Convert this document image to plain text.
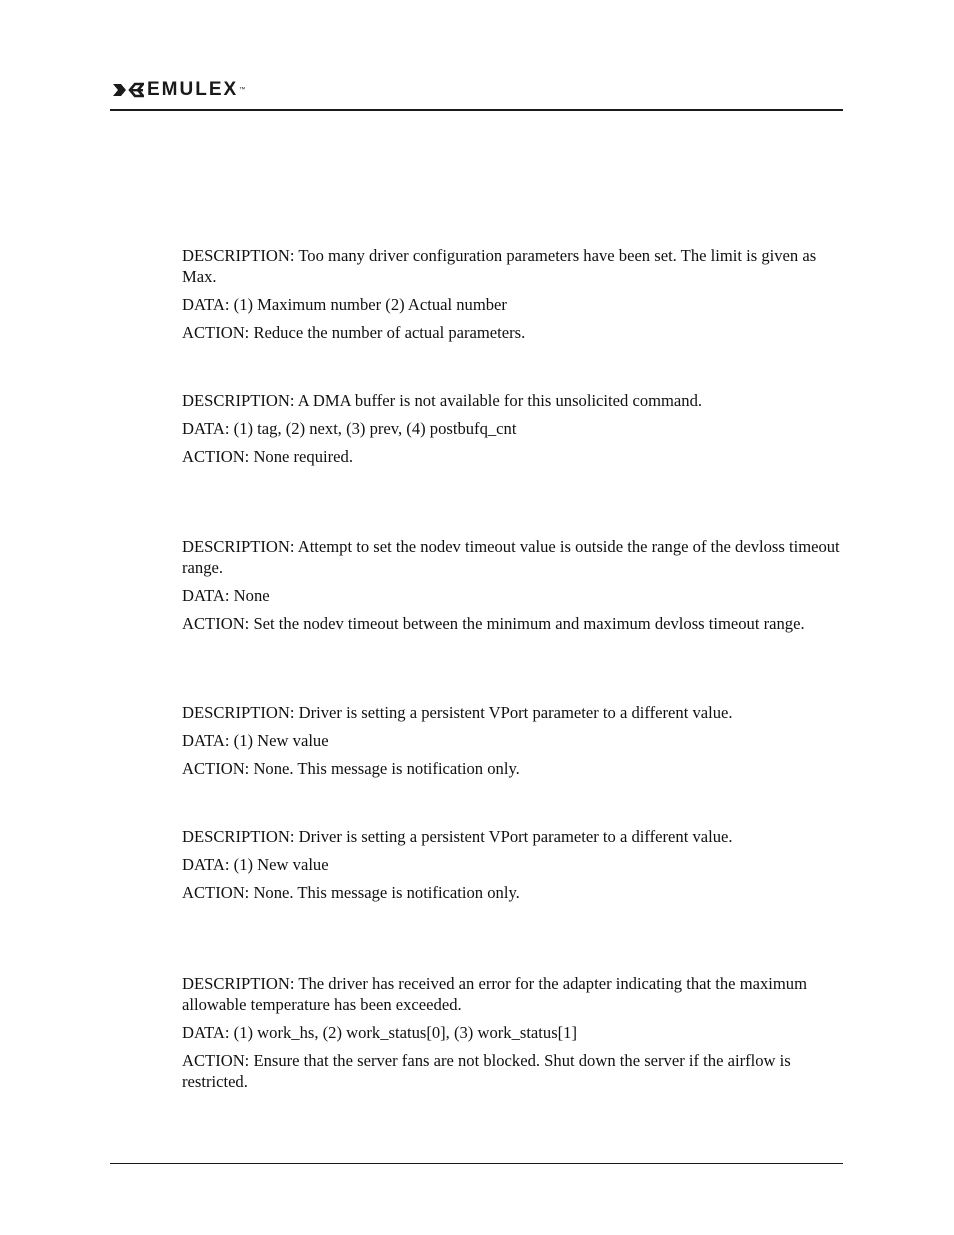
EMULEX ™

DESCRIPTION: Too many driver configuration parameters have been set. The limit is given as Max.

DATA: (1) Maximum number (2) Actual number

ACTION: Reduce the number of actual parameters.

DESCRIPTION: A DMA buffer is not available for this unsolicited command.

DATA: (1) tag, (2) next, (3) prev, (4) postbufq_cnt

ACTION: None required.

DESCRIPTION: Attempt to set the nodev timeout value is outside the range of the devloss timeout range.

DATA: None

ACTION: Set the nodev timeout between the minimum and maximum devloss timeout range.

DESCRIPTION: Driver is setting a persistent VPort parameter to a different value.

DATA: (1) New value

ACTION: None. This message is notification only.

DESCRIPTION: Driver is setting a persistent VPort parameter to a different value.

DATA: (1) New value

ACTION: None. This message is notification only.

DESCRIPTION: The driver has received an error for the adapter indicating that the maximum allowable temperature has been exceeded.

DATA: (1) work_hs, (2) work_status[0], (3) work_status[1]

ACTION: Ensure that the server fans are not blocked. Shut down the server if the airflow is restricted.
